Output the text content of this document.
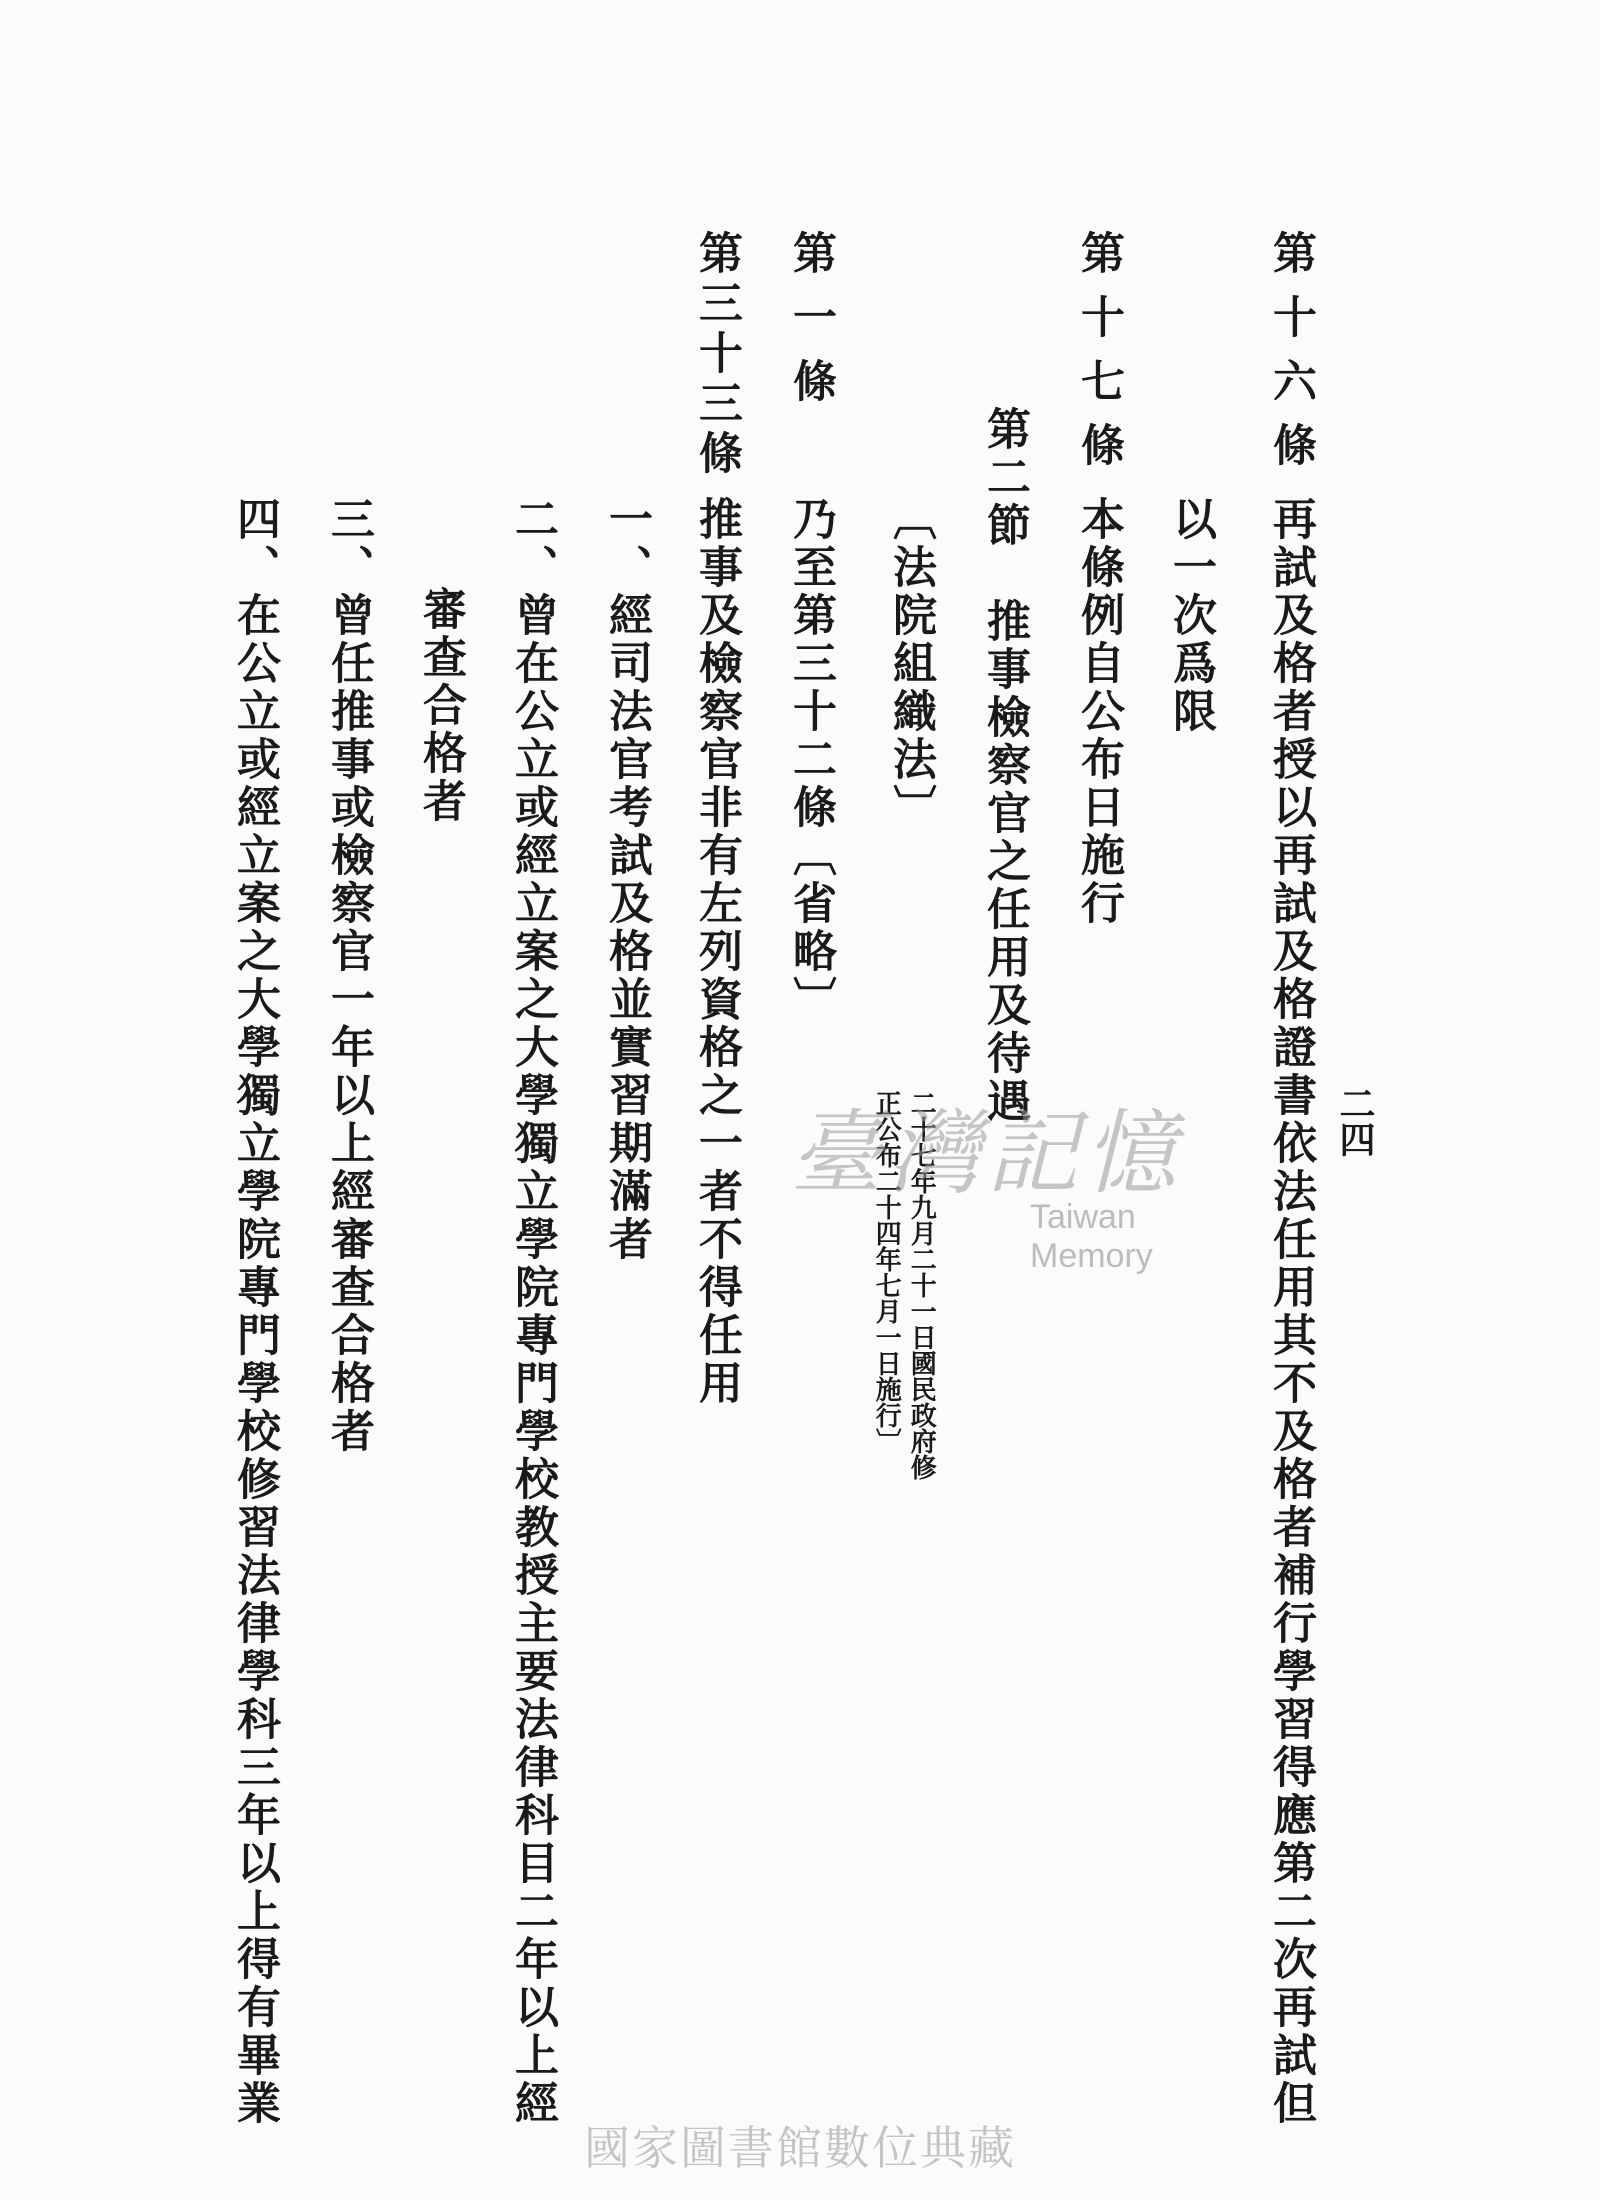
二四
第十六條
再試及格者授以再試及格證書依法任用其不及格者補行學習得應第二次再試但
以一次爲限
第十七條
本條例自公布日施行
第二節　推事檢察官之任用及待遇
〔法院組織法〕
二十七年九月二十一日國民政府修
正公布二十四年七月一日施行〕
第一條
乃至第三十二條〔省略〕
第三十三條
推事及檢察官非有左列資格之一者不得任用
一、經司法官考試及格並實習期滿者
二、曾在公立或經立案之大學獨立學院專門學校教授主要法律科目二年以上經
審查合格者
三、曾任推事或檢察官一年以上經審查合格者
四、在公立或經立案之大學獨立學院專門學校修習法律學科三年以上得有畢業	臺灣記憶
Taiwan Memory
國家圖書館數位典藏
